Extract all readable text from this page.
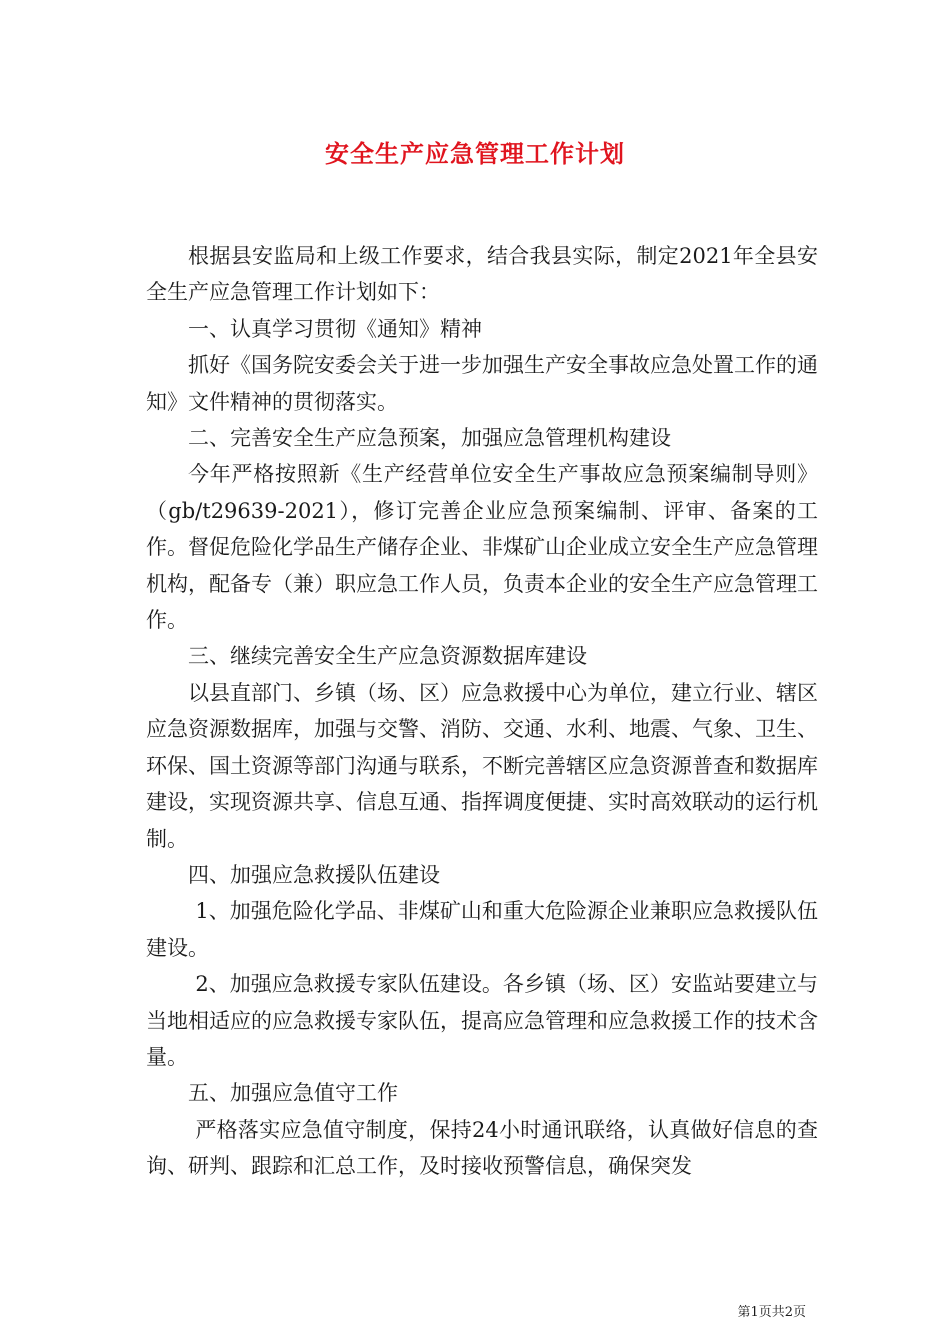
安全生产应急管理工作计划

根据县安监局和上级工作要求，结合我县实际，制定2021年全县安全生产应急管理工作计划如下：

一、认真学习贯彻《通知》精神

抓好《国务院安委会关于进一步加强生产安全事故应急处置工作的通知》文件精神的贯彻落实。

二、完善安全生产应急预案，加强应急管理机构建设

今年严格按照新《生产经营单位安全生产事故应急预案编制导则》（gb/t29639-2021），修订完善企业应急预案编制、评审、备案的工作。督促危险化学品生产储存企业、非煤矿山企业成立安全生产应急管理机构，配备专（兼）职应急工作人员，负责本企业的安全生产应急管理工作。

三、继续完善安全生产应急资源数据库建设

以县直部门、乡镇（场、区）应急救援中心为单位，建立行业、辖区应急资源数据库，加强与交警、消防、交通、水利、地震、气象、卫生、环保、国土资源等部门沟通与联系，不断完善辖区应急资源普查和数据库建设，实现资源共享、信息互通、指挥调度便捷、实时高效联动的运行机制。

四、加强应急救援队伍建设

1、加强危险化学品、非煤矿山和重大危险源企业兼职应急救援队伍建设。

2、加强应急救援专家队伍建设。各乡镇（场、区）安监站要建立与当地相适应的应急救援专家队伍，提高应急管理和应急救援工作的技术含量。

五、加强应急值守工作

严格落实应急值守制度，保持24小时通讯联络，认真做好信息的查询、研判、跟踪和汇总工作，及时接收预警信息，确保突发

第1页共2页
